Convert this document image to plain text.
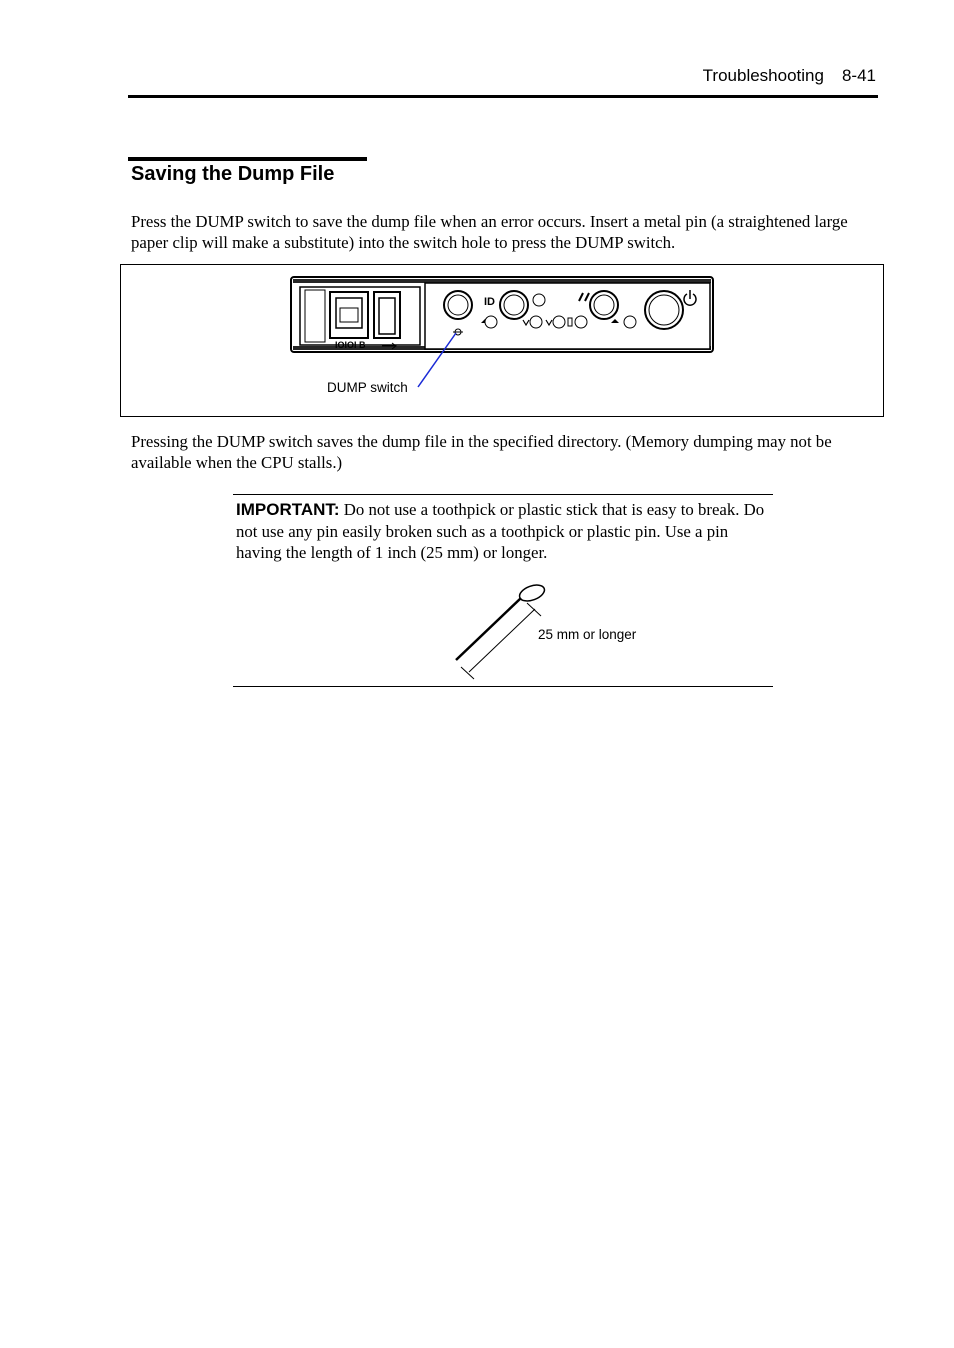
Troubleshooting 8-41
Saving the Dump File
Press the DUMP switch to save the dump file when an error occurs. Insert a metal pin (a straightened large paper clip will make a substitute) into the switch hole to press the DUMP switch.
IOIOI B
ID
DUMP switch
Pressing the DUMP switch saves the dump file in the specified directory. (Memory dumping may not be available when the CPU stalls.)
IMPORTANT: Do not use a toothpick or plastic stick that is easy to break. Do not use any pin easily broken such as a toothpick or plastic pin. Use a pin having the length of 1 inch (25 mm) or longer.
25 mm or longer
